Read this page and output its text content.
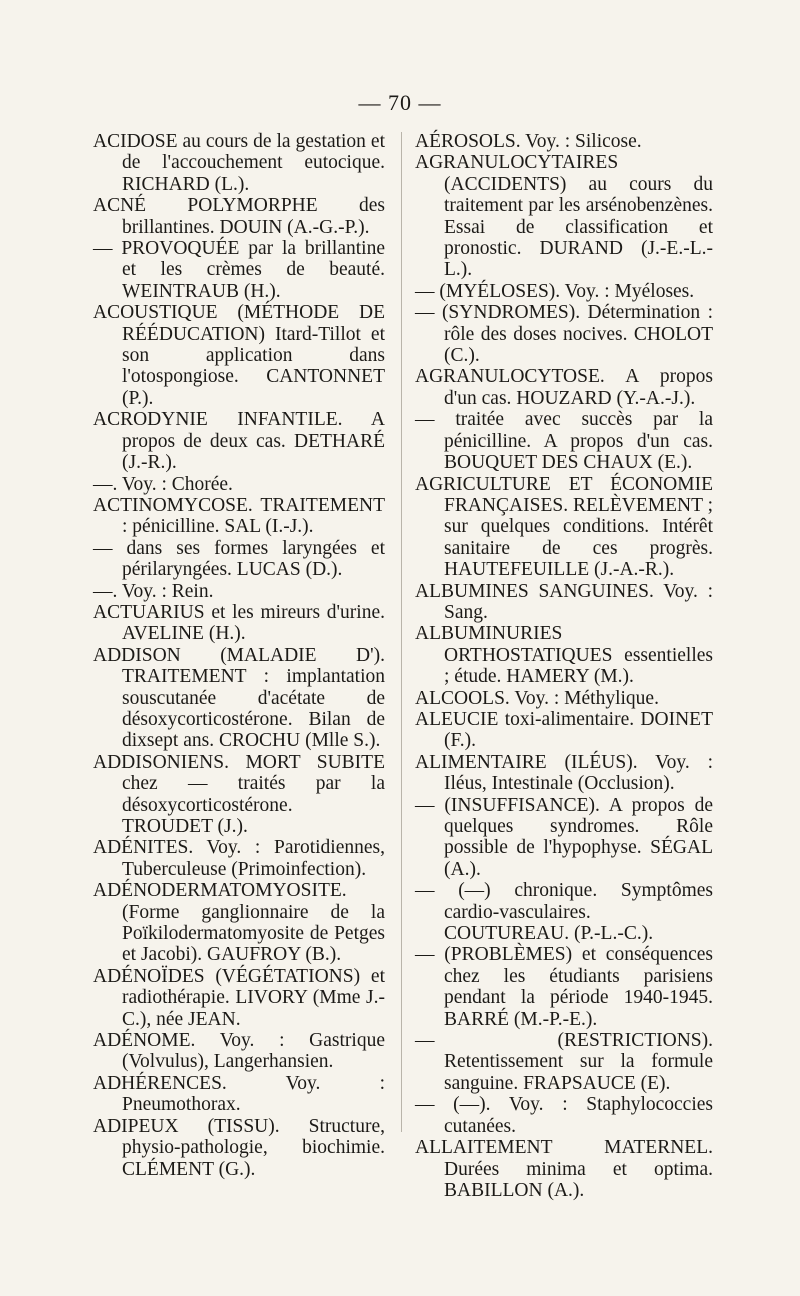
— 70 —

ACIDOSE au cours de la gestation et de l'accouchement eutocique. RICHARD (L.).

ACNÉ POLYMORPHE des brillantines. DOUIN (A.-G.-P.).

— PROVOQUÉE par la brillantine et les crèmes de beauté. WEINTRAUB (H.).

ACOUSTIQUE (MÉTHODE DE RÉÉDUCATION) Itard-Tillot et son application dans l'otospongiose. CANTONNET (P.).

ACRODYNIE INFANTILE. A propos de deux cas. DETHARÉ (J.-R.).

—. Voy. : Chorée.

ACTINOMYCOSE. TRAITEMENT : pénicilline. SAL (I.-J.).

— dans ses formes laryngées et périlaryngées. LUCAS (D.).

—. Voy. : Rein.

ACTUARIUS et les mireurs d'urine. AVELINE (H.).

ADDISON (MALADIE D'). TRAITEMENT : implantation souscutanée d'acétate de désoxycorticostérone. Bilan de dixsept ans. CROCHU (Mlle S.).

ADDISONIENS. MORT SUBITE chez — traités par la désoxycorticostérone. TROUDET (J.).

ADÉNITES. Voy. : Parotidiennes, Tuberculeuse (Primoinfection).

ADÉNODERMATOMYOSITE. (Forme ganglionnaire de la Poïkilodermatomyosite de Petges et Jacobi). GAUFROY (B.).

ADÉNOÏDES (VÉGÉTATIONS) et radiothérapie. LIVORY (Mme J.-C.), née JEAN.

ADÉNOME. Voy. : Gastrique (Volvulus), Langerhansien.

ADHÉRENCES. Voy. : Pneumothorax.

ADIPEUX (TISSU). Structure, physio-pathologie, biochimie. CLÉMENT (G.).

AÉROSOLS. Voy. : Silicose.

AGRANULOCYTAIRES (ACCIDENTS) au cours du traitement par les arsénobenzènes. Essai de classification et pronostic. DURAND (J.-E.-L.-L.).

— (MYÉLOSES). Voy. : Myéloses.

— (SYNDROMES). Détermination : rôle des doses nocives. CHOLOT (C.).

AGRANULOCYTOSE. A propos d'un cas. HOUZARD (Y.-A.-J.).

— traitée avec succès par la pénicilline. A propos d'un cas. BOUQUET DES CHAUX (E.).

AGRICULTURE ET ÉCONOMIE FRANÇAISES. RELÈVEMENT ; sur quelques conditions. Intérêt sanitaire de ces progrès. HAUTEFEUILLE (J.-A.-R.).

ALBUMINES SANGUINES. Voy. : Sang.

ALBUMINURIES ORTHOSTATIQUES essentielles ; étude. HAMERY (M.).

ALCOOLS. Voy. : Méthylique.

ALEUCIE toxi-alimentaire. DOINET (F.).

ALIMENTAIRE (ILÉUS). Voy. : Iléus, Intestinale (Occlusion).

— (INSUFFISANCE). A propos de quelques syndromes. Rôle possible de l'hypophyse. SÉGAL (A.).

— (—) chronique. Symptômes cardio-vasculaires. COUTUREAU. (P.-L.-C.).

— (PROBLÈMES) et conséquences chez les étudiants parisiens pendant la période 1940-1945. BARRÉ (M.-P.-E.).

— (RESTRICTIONS). Retentissement sur la formule sanguine. FRAPSAUCE (E).

— (—). Voy. : Staphylococcies cutanées.

ALLAITEMENT MATERNEL. Durées minima et optima. BABILLON (A.).
